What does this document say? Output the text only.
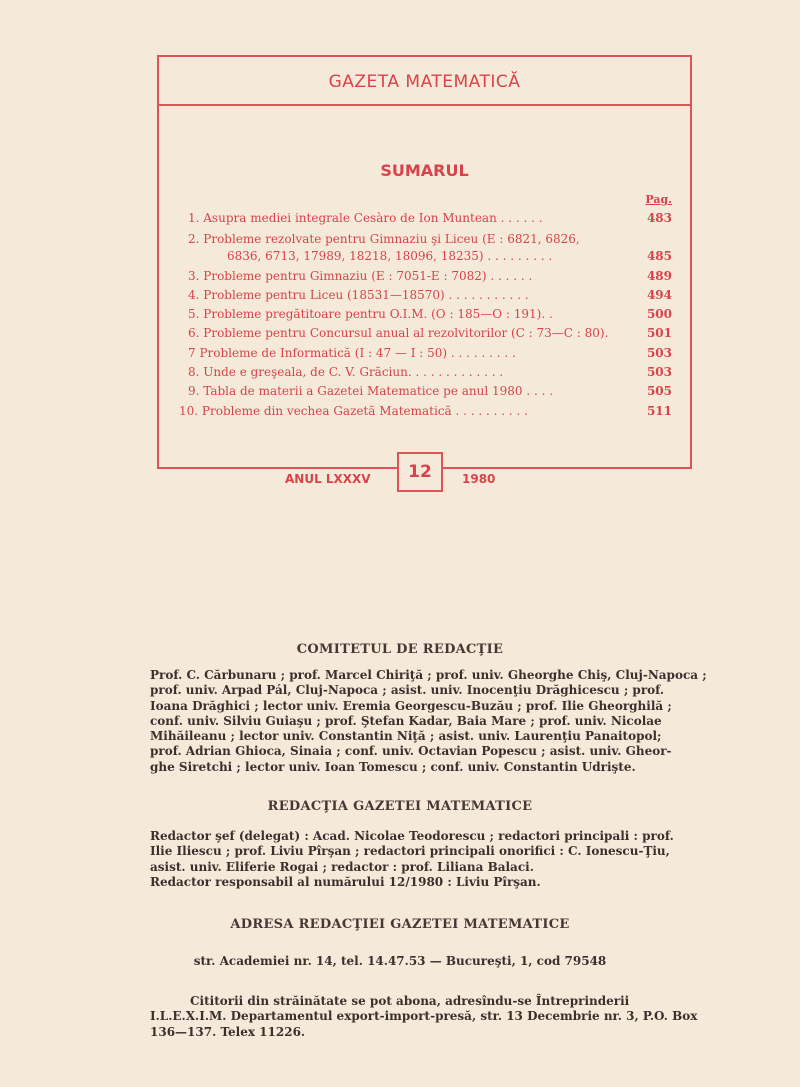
GAZETA MATEMATICĂ
SUMARUL
Pag.
1. Asupra mediei integrale Cesàro de Ion Muntean . . . . . .	483
2. Probleme rezolvate pentru Gimnaziu şi Liceu (E : 6821, 6826,
6836, 6713, 17989, 18218, 18096, 18235) . . . . . . . . .	485
3. Probleme pentru Gimnaziu (E : 7051-E : 7082) . . . . . .	489
4. Probleme pentru Liceu (18531—18570) . . . . . . . . . . .	494
5. Probleme pregătitoare pentru O.I.M. (O : 185—O : 191). .	500
6. Probleme pentru Concursul anual al rezolvitorilor (C : 73—C : 80).	501
7 Probleme de Informatică (I : 47 — I : 50) . . . . . . . . .	503
8. Unde e greşeala, de C. V. Grăciun. . . . . . . . . . . . .	503
9. Tabla de materii a Gazetei Matematice pe anul 1980 . . . .	505
10. Probleme din vechea Gazetă Matematică . . . . . . . . . .	511
ANUL LXXXV	12	1980
COMITETUL DE REDACŢIE
Prof. C. Cărbunaru ; prof. Marcel Chiriţă ; prof. univ. Gheorghe Chiş, Cluj-Napoca ;
prof. univ. Arpad Pál, Cluj-Napoca ; asist. univ. Inocenţiu Drăghicescu ; prof.
Ioana Drăghici ; lector univ. Eremia Georgescu-Buzău ; prof. Ilie Gheorghilă ;
conf. univ. Silviu Guiaşu ; prof. Ştefan Kadar, Baia Mare ; prof. univ. Nicolae
Mihăileanu ; lector univ. Constantin Niţă ; asist. univ. Laurenţiu Panaitopol;
prof. Adrian Ghioca, Sinaia ; conf. univ. Octavian Popescu ; asist. univ. Gheor-
ghe Siretchi ; lector univ. Ioan Tomescu ; conf. univ. Constantin Udrişte.
REDACŢIA GAZETEI MATEMATICE
Redactor şef (delegat) : Acad. Nicolae Teodorescu ; redactori principali : prof.
Ilie Iliescu ; prof. Liviu Pîrşan ; redactori principali onorifici : C. Ionescu-Ţiu,
asist. univ. Eliferie Rogai ; redactor : prof. Liliana Balaci.
Redactor responsabil al numărului 12/1980 : Liviu Pîrşan.
ADRESA REDACŢIEI GAZETEI MATEMATICE
str. Academiei nr. 14, tel. 14.47.53 — Bucureşti, 1, cod 79548
Cititorii din străinătate se pot abona, adresîndu-se Întreprinderii
I.L.E.X.I.M. Departamentul export-import-presă, str. 13 Decembrie nr. 3, P.O. Box
136—137. Telex 11226.
